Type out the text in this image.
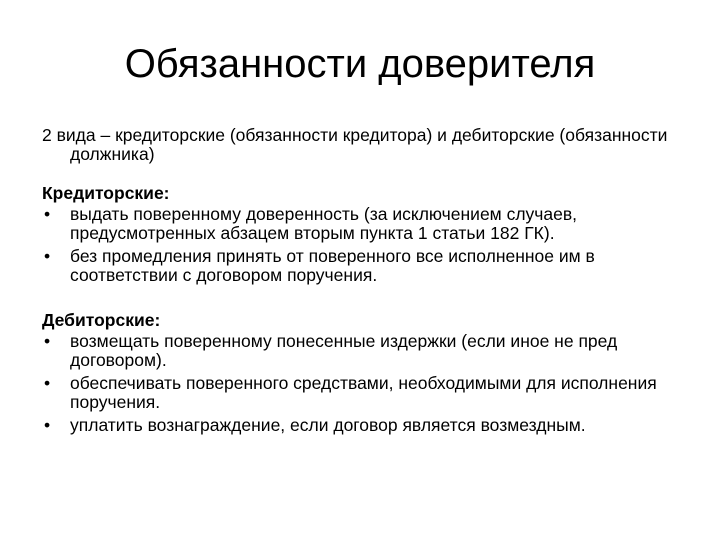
Обязанности доверителя

2 вида – кредиторские (обязанности кредитора) и дебиторские (обязанности должника)

Кредиторские:

• выдать поверенному доверенность (за исключением случаев, предусмотренных абзацем вторым пункта 1 статьи 182 ГК).
• без промедления принять от поверенного все исполненное им в соответствии с договором поручения.

Дебиторские:

• возмещать поверенному понесенные издержки (если иное не пред договором).
• обеспечивать поверенного средствами, необходимыми для исполнения поручения.
• уплатить вознаграждение, если договор является возмездным.
